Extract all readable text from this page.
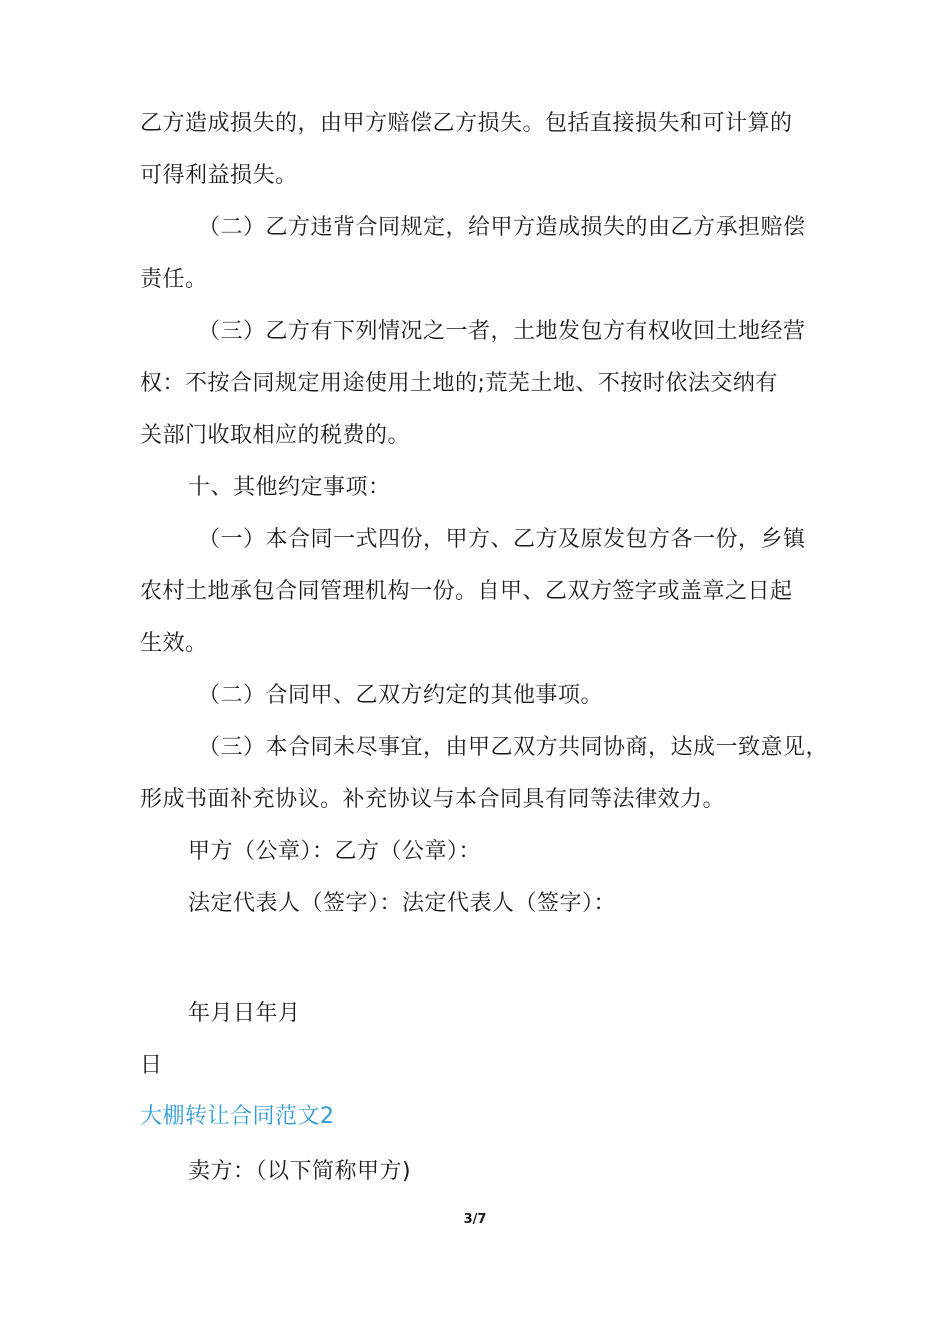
乙方造成损失的，由甲方赔偿乙方损失。包括直接损失和可计算的
可得利益损失。
（二）乙方违背合同规定，给甲方造成损失的由乙方承担赔偿
责任。
（三）乙方有下列情况之一者，土地发包方有权收回土地经营
权：不按合同规定用途使用土地的;荒芜土地、不按时依法交纳有
关部门收取相应的税费的。
十、其他约定事项：
（一）本合同一式四份，甲方、乙方及原发包方各一份，乡镇
农村土地承包合同管理机构一份。自甲、乙双方签字或盖章之日起
生效。
（二）合同甲、乙双方约定的其他事项。
（三）本合同未尽事宜，由甲乙双方共同协商，达成一致意见，
形成书面补充协议。补充协议与本合同具有同等法律效力。
甲方（公章）：乙方（公章）：
法定代表人（签字）：法定代表人（签字）：
年月日年月
日
大棚转让合同范文2
卖方：（以下简称甲方)
3/7
